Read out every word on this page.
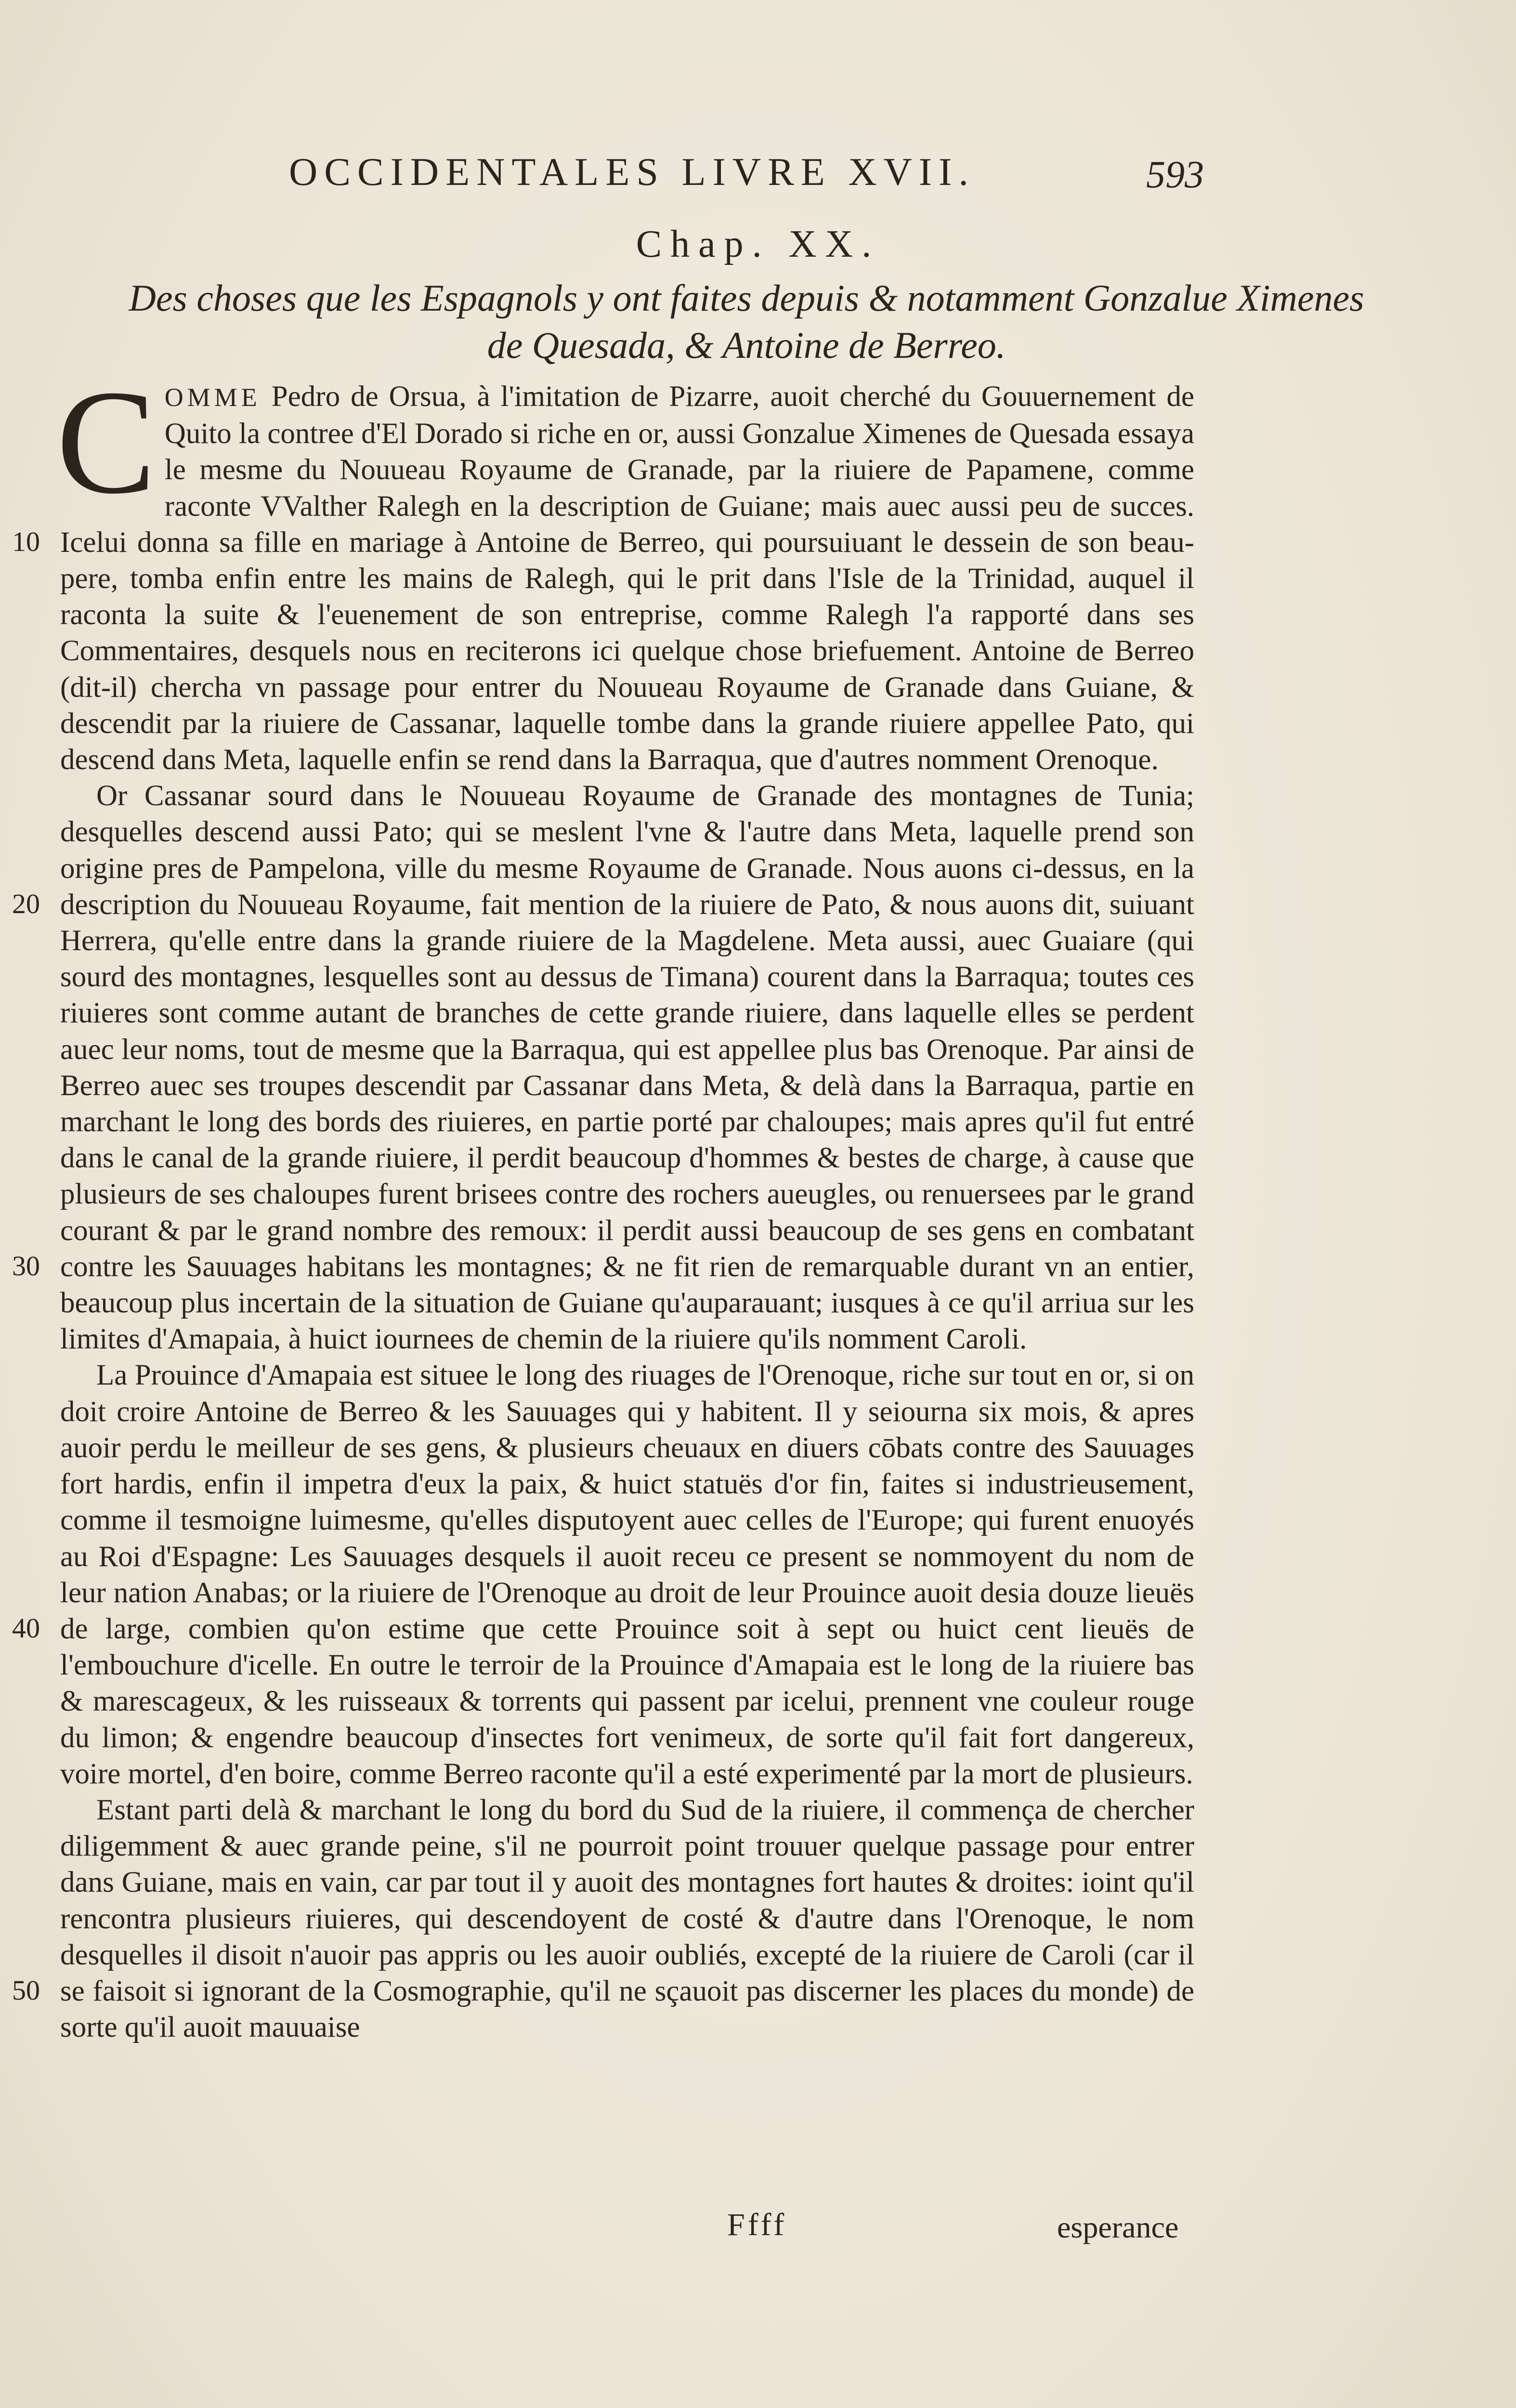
OCCIDENTALES LIVRE XVII.	593
Chap. XX.
Des choses que les Espagnols y ont faites depuis & notamment Gonzalue Ximenes de Quesada, & Antoine de Berreo.
10
20
30
40
50

COMME Pedro de Orsua, à l'imitation de Pizarre, auoit cherché du Gouuernement de Quito la contree d'El Dorado si riche en or, aussi Gonzalue Ximenes de Quesada essaya le mesme du Nouueau Royaume de Granade, par la riuiere de Papamene, comme raconte VValther Ralegh en la description de Guiane; mais auec aussi peu de succes. Icelui donna sa fille en mariage à Antoine de Berreo, qui poursuiuant le dessein de son beau-pere, tomba enfin entre les mains de Ralegh, qui le prit dans l'Isle de la Trinidad, auquel il raconta la suite & l'euenement de son entreprise, comme Ralegh l'a rapporté dans ses Commentaires, desquels nous en reciterons ici quelque chose briefuement. Antoine de Berreo (dit-il) chercha vn passage pour entrer du Nouueau Royaume de Granade dans Guiane, & descendit par la riuiere de Cassanar, laquelle tombe dans la grande riuiere appellee Pato, qui descend dans Meta, laquelle enfin se rend dans la Barraqua, que d'autres nomment Orenoque.

Or Cassanar sourd dans le Nouueau Royaume de Granade des montagnes de Tunia; desquelles descend aussi Pato; qui se meslent l'vne & l'autre dans Meta, laquelle prend son origine pres de Pampelona, ville du mesme Royaume de Granade. Nous auons ci-dessus, en la description du Nouueau Royaume, fait mention de la riuiere de Pato, & nous auons dit, suiuant Herrera, qu'elle entre dans la grande riuiere de la Magdelene. Meta aussi, auec Guaiare (qui sourd des montagnes, lesquelles sont au dessus de Timana) courent dans la Barraqua; toutes ces riuieres sont comme autant de branches de cette grande riuiere, dans laquelle elles se perdent auec leur noms, tout de mesme que la Barraqua, qui est appellee plus bas Orenoque. Par ainsi de Berreo auec ses troupes descendit par Cassanar dans Meta, & delà dans la Barraqua, partie en marchant le long des bords des riuieres, en partie porté par chaloupes; mais apres qu'il fut entré dans le canal de la grande riuiere, il perdit beaucoup d'hommes & bestes de charge, à cause que plusieurs de ses chaloupes furent brisees contre des rochers aueugles, ou renuersees par le grand courant & par le grand nombre des remoux: il perdit aussi beaucoup de ses gens en combatant contre les Sauuages habitans les montagnes; & ne fit rien de remarquable durant vn an entier, beaucoup plus incertain de la situation de Guiane qu'auparauant; iusques à ce qu'il arriua sur les limites d'Amapaia, à huict iournees de chemin de la riuiere qu'ils nomment Caroli.

La Prouince d'Amapaia est situee le long des riuages de l'Orenoque, riche sur tout en or, si on doit croire Antoine de Berreo & les Sauuages qui y habitent. Il y seiourna six mois, & apres auoir perdu le meilleur de ses gens, & plusieurs cheuaux en diuers cōbats contre des Sauuages fort hardis, enfin il impetra d'eux la paix, & huict statuës d'or fin, faites si industrieusement, comme il tesmoigne luimesme, qu'elles disputoyent auec celles de l'Europe; qui furent enuoyés au Roi d'Espagne: Les Sauuages desquels il auoit receu ce present se nommoyent du nom de leur nation Anabas; or la riuiere de l'Orenoque au droit de leur Prouince auoit desia douze lieuës de large, combien qu'on estime que cette Prouince soit à sept ou huict cent lieuës de l'embouchure d'icelle. En outre le terroir de la Prouince d'Amapaia est le long de la riuiere bas & marescageux, & les ruisseaux & torrents qui passent par icelui, prennent vne couleur rouge du limon; & engendre beaucoup d'insectes fort venimeux, de sorte qu'il fait fort dangereux, voire mortel, d'en boire, comme Berreo raconte qu'il a esté experimenté par la mort de plusieurs.

Estant parti delà & marchant le long du bord du Sud de la riuiere, il commença de chercher diligemment & auec grande peine, s'il ne pourroit point trouuer quelque passage pour entrer dans Guiane, mais en vain, car par tout il y auoit des montagnes fort hautes & droites: ioint qu'il rencontra plusieurs riuieres, qui descendoyent de costé & d'autre dans l'Orenoque, le nom desquelles il disoit n'auoir pas appris ou les auoir oubliés, excepté de la riuiere de Caroli (car il se faisoit si ignorant de la Cosmographie, qu'il ne sçauoit pas discerner les places du monde) de sorte qu'il auoit mauuaise

Ffff	esperance
